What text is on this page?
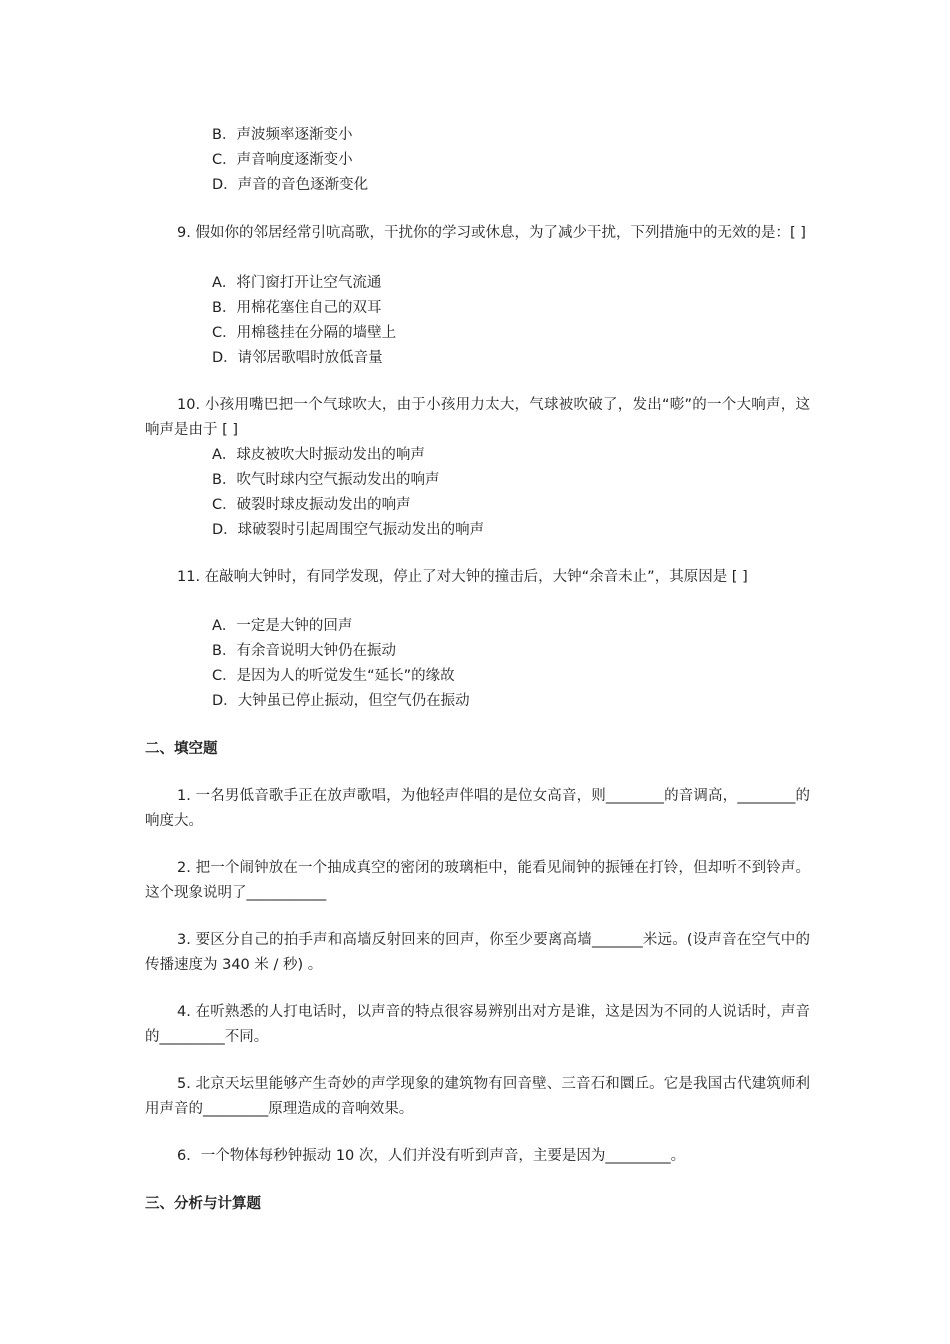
B．声波频率逐渐变小
C．声音响度逐渐变小
D．声音的音色逐渐变化
9. 假如你的邻居经常引吭高歌，干扰你的学习或休息，为了减少干扰，下列措施中的无效的是：[ ]
A．将门窗打开让空气流通
B．用棉花塞住自己的双耳
C．用棉毯挂在分隔的墙壁上
D．请邻居歌唱时放低音量
10. 小孩用嘴巴把一个气球吹大，由于小孩用力太大，气球被吹破了，发出“嘭”的一个大响声，这响声是由于 [ ]
A．球皮被吹大时振动发出的响声
B．吹气时球内空气振动发出的响声
C．破裂时球皮振动发出的响声
D．球破裂时引起周围空气振动发出的响声
11. 在敲响大钟时，有同学发现，停止了对大钟的撞击后，大钟“余音未止”，其原因是 [ ]
A．一定是大钟的回声
B．有余音说明大钟仍在振动
C．是因为人的听觉发生“延长”的缘故
D．大钟虽已停止振动，但空气仍在振动
二、填空题
1. 一名男低音歌手正在放声歌唱，为他轻声伴唱的是位女高音，则________的音调高，________的响度大。
2. 把一个闹钟放在一个抽成真空的密闭的玻璃柜中，能看见闹钟的振锤在打铃，但却听不到铃声。这个现象说明了___________
3. 要区分自己的拍手声和高墙反射回来的回声，你至少要离高墙_______米远。(设声音在空气中的传播速度为 340 米 / 秒) 。
4. 在听熟悉的人打电话时，以声音的特点很容易辨别出对方是谁，这是因为不同的人说话时，声音的_________不同。
5. 北京天坛里能够产生奇妙的声学现象的建筑物有回音壁、三音石和圜丘。它是我国古代建筑师利用声音的_________原理造成的音响效果。
6．一个物体每秒钟振动 10 次，人们并没有听到声音，主要是因为_________。
三、分析与计算题
